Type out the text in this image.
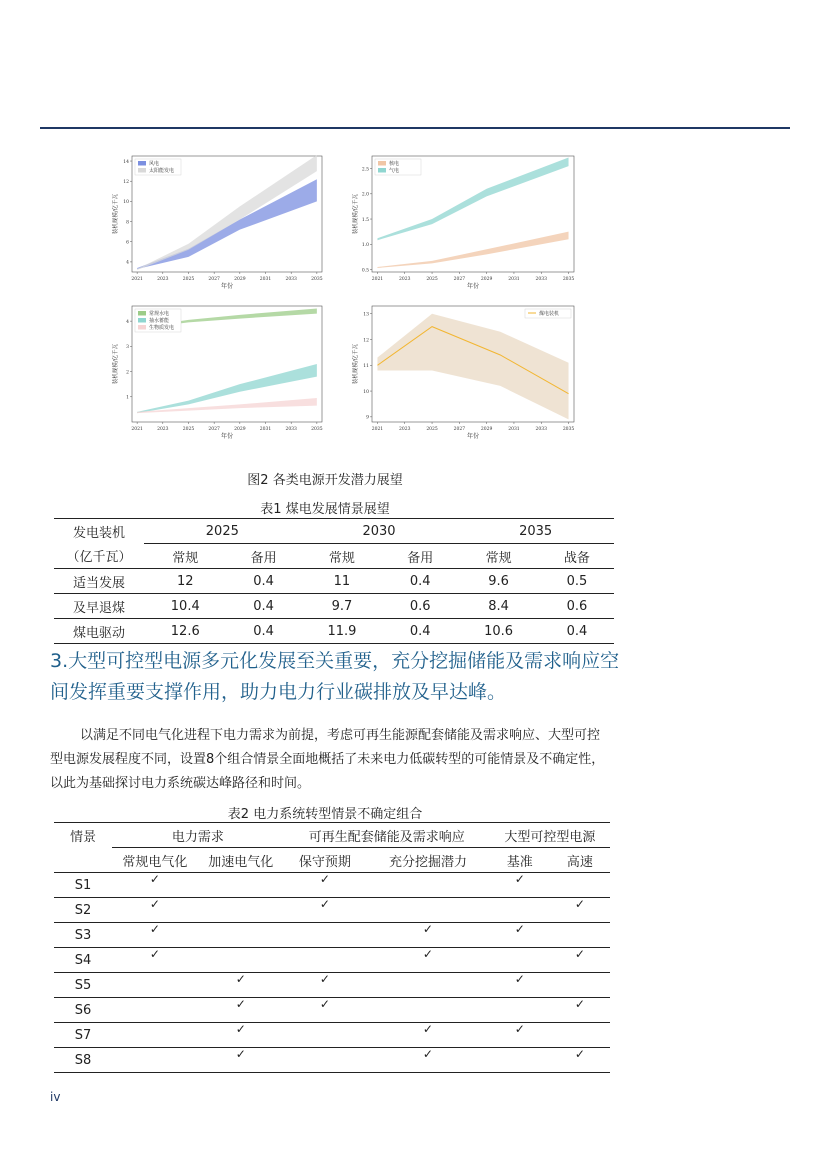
2021	2023	2025	2027	2029	2031	2033	2035
4
6
8
10
12
14
年份
装机规模/亿千瓦
风电
太阳能发电
2021	2023	2025	2027	2029	2031	2033	2035
0.5
1.0
1.5
2.0
2.5
年份
装机规模/亿千瓦
核电
气电
2021	2023	2025	2027	2029	2031	2033	2035
1
2
3
4
年份
装机规模/亿千瓦
常规水电
抽水蓄能
生物质发电
2021	2023	2025	2027	2029	2031	2033	2035
9
10
11
12
13
年份
装机规模/亿千瓦
煤电装机
图2 各类电源开发潜力展望
表1 煤电发展情景展望
发电装机	2025		2030		2035	
（亿千瓦）	常规	备用	常规	备用	常规	战备
适当发展	12	0.4	11	0.4	9.6	0.5
及早退煤	10.4	0.4	9.7	0.6	8.4	0.6
煤电驱动	12.6	0.4	11.9	0.4	10.6	0.4
3.大型可控型电源多元化发展至关重要，充分挖掘储能及需求响应空间发挥重要支撑作用，助力电力行业碳排放及早达峰。
以满足不同电气化进程下电力需求为前提，考虑可再生能源配套储能及需求响应、大型可控型电源发展程度不同，设置8个组合情景全面地概括了未来电力低碳转型的可能情景及不确定性，以此为基础探讨电力系统碳达峰路径和时间。
表2 电力系统转型情景不确定组合
情景	电力需求		可再生配套储能及需求响应		大型可控型电源	
	常规电气化	加速电气化	保守预期	充分挖掘潜力	基准	高速
S1	✓		✓		✓	
S2	✓		✓			✓
S3	✓			✓	✓	
S4	✓			✓		✓
S5		✓	✓		✓	
S6		✓	✓			✓
S7		✓		✓	✓	
S8		✓		✓		✓
iv
